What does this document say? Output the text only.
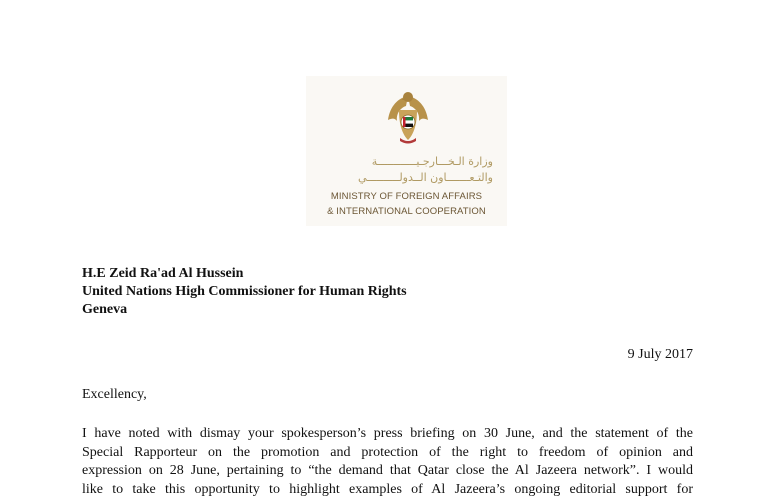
وزارة الـخـــارجـيــــــــــــة
والتـعـــــــاون الــدولــــــــــي
MINISTRY OF FOREIGN AFFAIRS
& INTERNATIONAL COOPERATION
H.E Zeid Ra'ad Al Hussein
United Nations High Commissioner for Human Rights
Geneva
9 July 2017
Excellency,
I have noted with dismay your spokesperson’s press briefing on 30 June, and the statement of the
Special Rapporteur on the promotion and protection of the right to freedom of opinion and
expression on 28 June, pertaining to “the demand that Qatar close the Al Jazeera network”. I would
like to take this opportunity to highlight examples of Al Jazeera’s ongoing editorial support for
